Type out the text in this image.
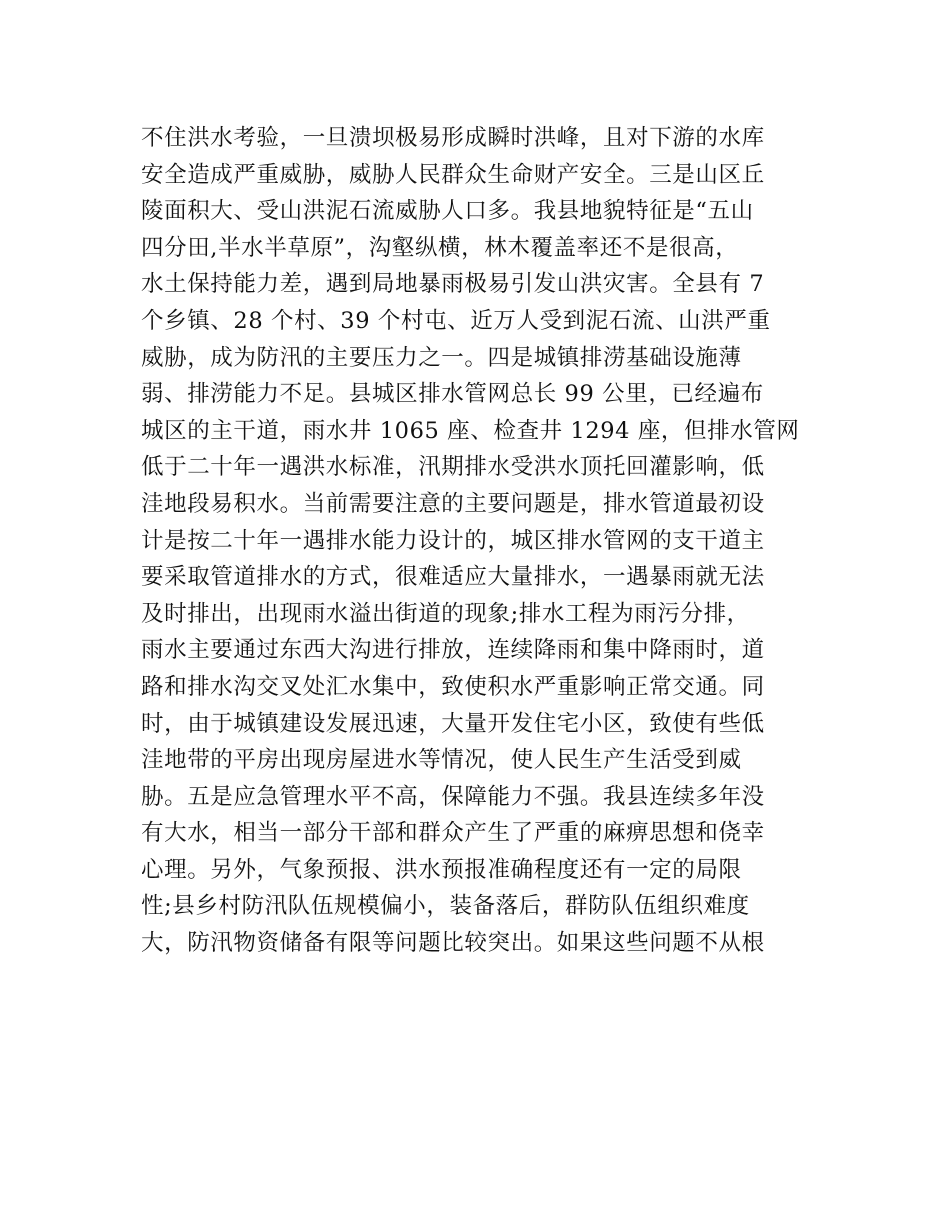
不住洪水考验，一旦溃坝极易形成瞬时洪峰，且对下游的水库
安全造成严重威胁，威胁人民群众生命财产安全。三是山区丘
陵面积大、受山洪泥石流威胁人口多。我县地貌特征是“五山
四分田,半水半草原”，沟壑纵横，林木覆盖率还不是很高，
水土保持能力差，遇到局地暴雨极易引发山洪灾害。全县有 7
个乡镇、28 个村、39 个村屯、近万人受到泥石流、山洪严重
威胁，成为防汛的主要压力之一。四是城镇排涝基础设施薄
弱、排涝能力不足。县城区排水管网总长 99 公里，已经遍布
城区的主干道，雨水井 1065 座、检查井 1294 座，但排水管网
低于二十年一遇洪水标准，汛期排水受洪水顶托回灌影响，低
洼地段易积水。当前需要注意的主要问题是，排水管道最初设
计是按二十年一遇排水能力设计的，城区排水管网的支干道主
要采取管道排水的方式，很难适应大量排水，一遇暴雨就无法
及时排出，出现雨水溢出街道的现象;排水工程为雨污分排，
雨水主要通过东西大沟进行排放，连续降雨和集中降雨时，道
路和排水沟交叉处汇水集中，致使积水严重影响正常交通。同
时，由于城镇建设发展迅速，大量开发住宅小区，致使有些低
洼地带的平房出现房屋进水等情况，使人民生产生活受到威
胁。五是应急管理水平不高，保障能力不强。我县连续多年没
有大水，相当一部分干部和群众产生了严重的麻痹思想和侥幸
心理。另外，气象预报、洪水预报准确程度还有一定的局限
性;县乡村防汛队伍规模偏小，装备落后，群防队伍组织难度
大，防汛物资储备有限等问题比较突出。如果这些问题不从根
